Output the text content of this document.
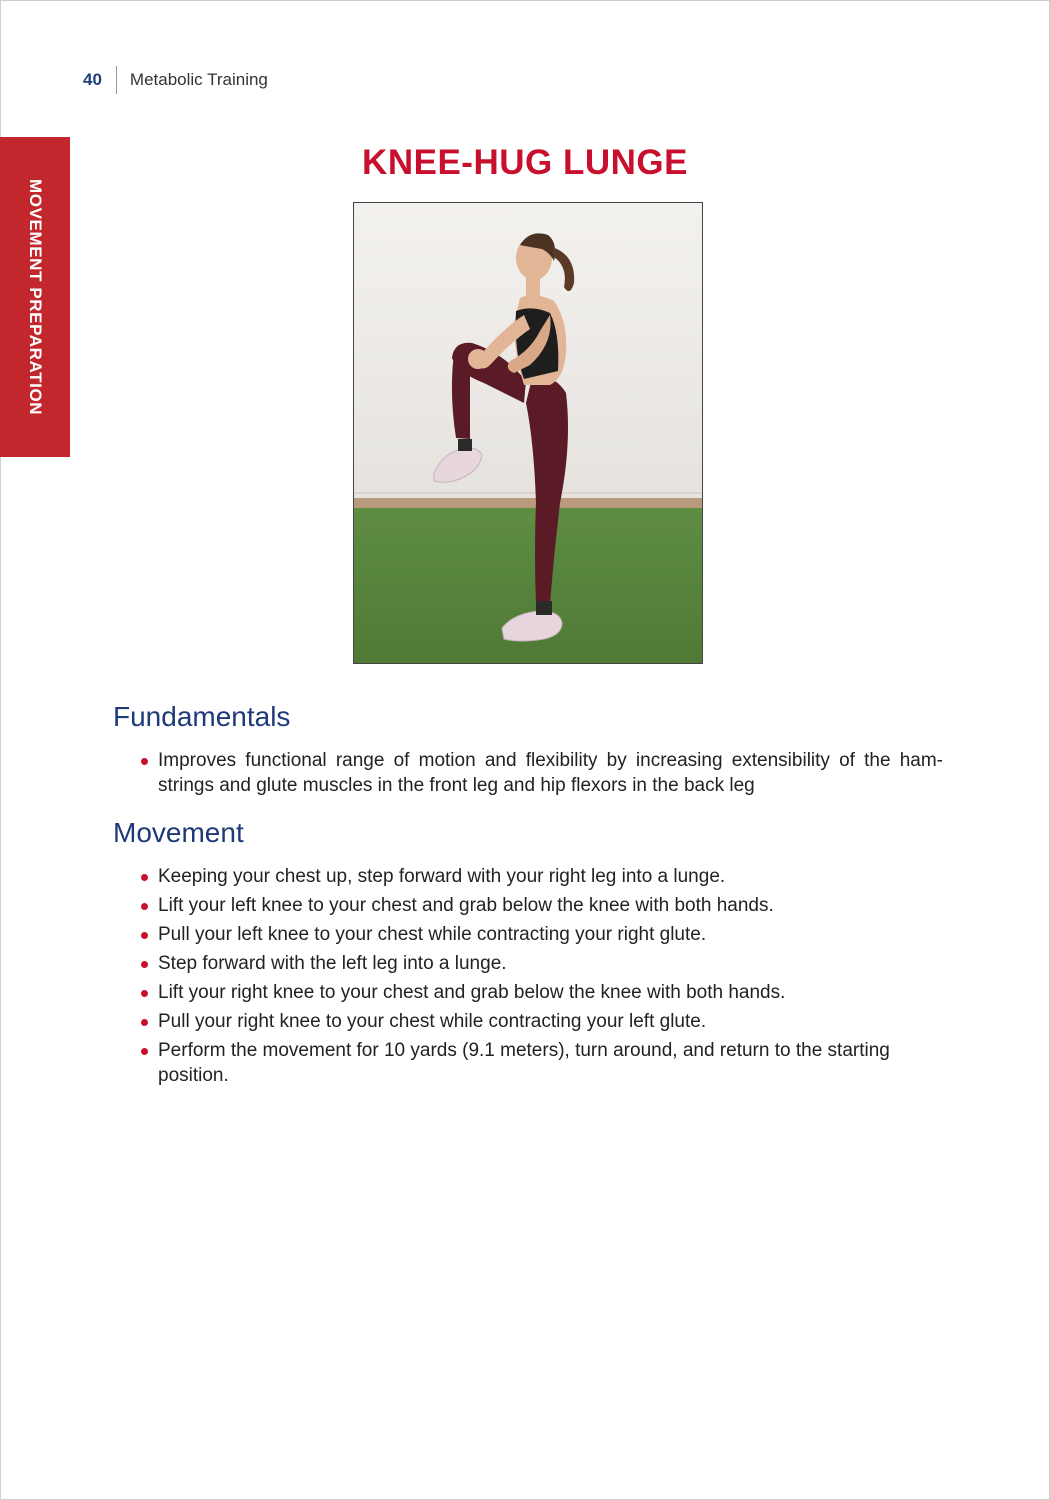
40 Metabolic Training
MOVEMENT PREPARATION
KNEE-HUG LUNGE
Fundamentals
Improves functional range of motion and flexibility by increasing extensibility of the hamstrings and glute muscles in the front leg and hip flexors in the back leg
Movement
Keeping your chest up, step forward with your right leg into a lunge.
Lift your left knee to your chest and grab below the knee with both hands.
Pull your left knee to your chest while contracting your right glute.
Step forward with the left leg into a lunge.
Lift your right knee to your chest and grab below the knee with both hands.
Pull your right knee to your chest while contracting your left glute.
Perform the movement for 10 yards (9.1 meters), turn around, and return to the starting position.
